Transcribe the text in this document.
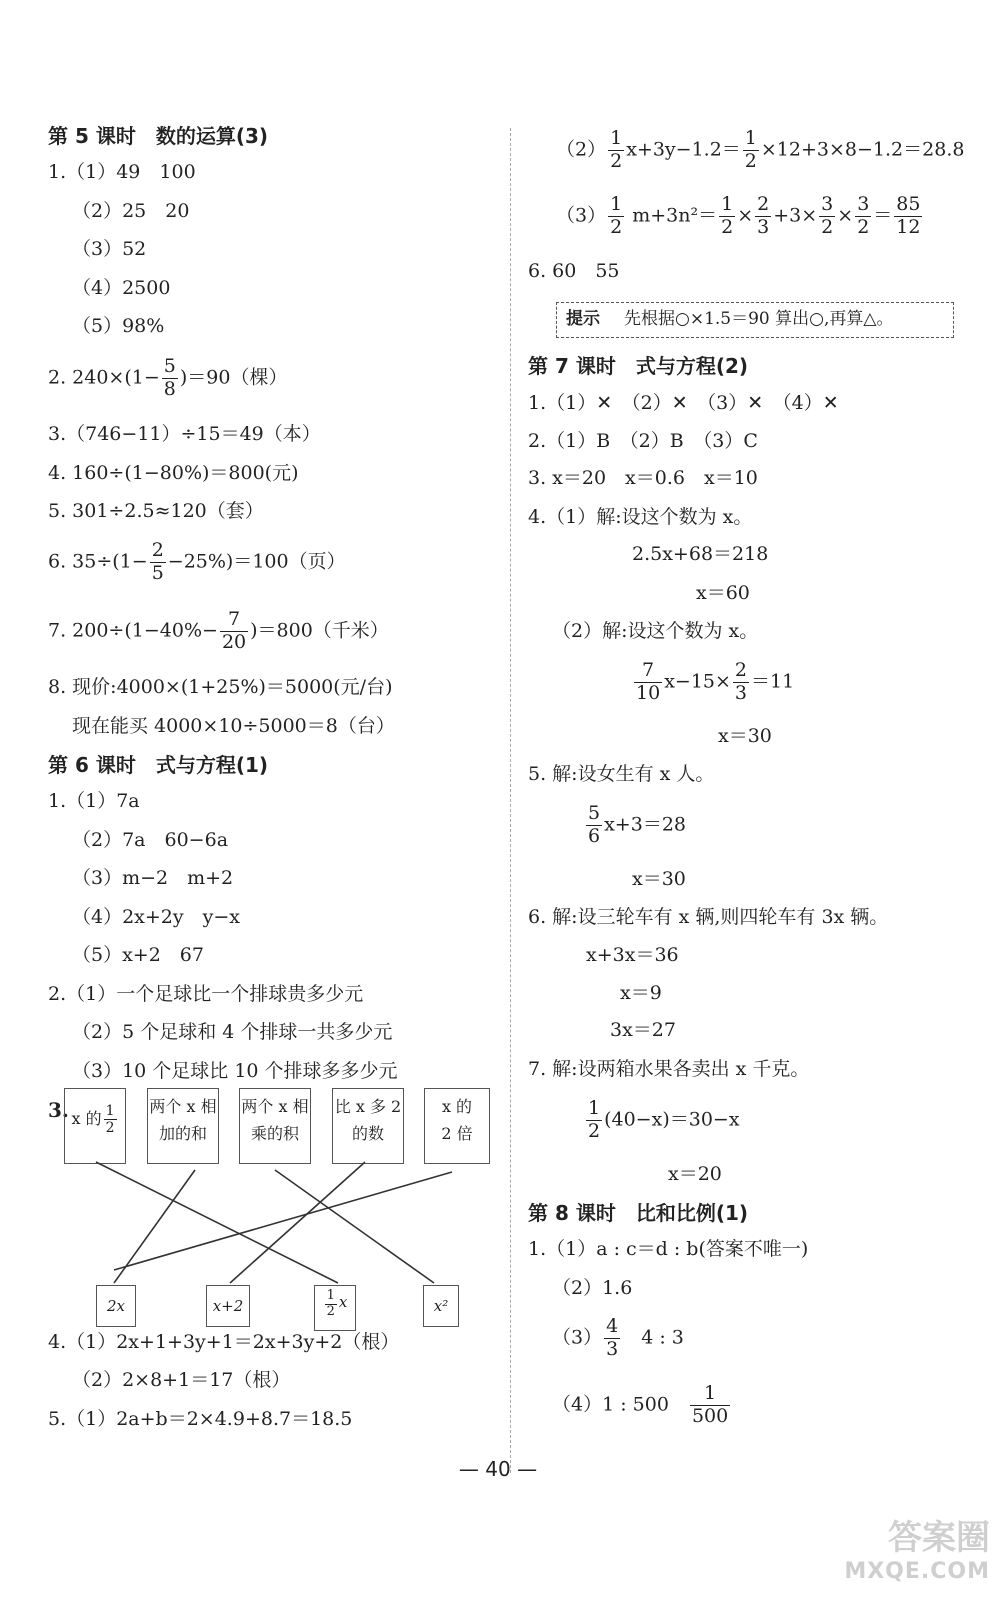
第 5 课时　数的运算(3)
1.（1）49　100
（2）25　20
（3）52
（4）2500
（5）98%
2. $240\times(1- \frac{5}{8} )=90$（棵）
3.（746−11）÷15＝49（本）
4. 160÷(1−80%)＝800(元)
5. 301÷2.5≈120（套）
6. $35\div(1- \frac{2}{5} -25\%)=100$（页）
7. $200\div(1-40\%- \frac{7}{20} )=800$（千米）
8. 现价:4000×(1+25%)＝5000(元/台)
现在能买 4000×10÷5000＝8（台）
第 6 课时　式与方程(1)
1.（1）7a
（2）7a　60−6a
（3）m−2　m+2
（4）2x+2y　y−x
（5）x+2　67
2.（1）一个足球比一个排球贵多少元
（2）5 个足球和 4 个排球一共多少元
（3）10 个足球比 10 个排球多多少元
3. x 的 $\frac{1}{2}$ 两个 x 相
加的和
两个 x 相
乘的积
比 x 多 2
的数
x 的
2 倍
2x	x+2	$\frac{1}{2}$ x	x²
4.（1）2x+1+3y+1＝2x+3y+2（根）
（2）2×8+1＝17（根）
5.（1）2a+b＝2×4.9+8.7＝18.5
$(2) \frac{1}{2} x+3y-1.2= \frac{1}{2} \times 12+3\times 8-1.2=28.8$
$(3) \frac{1}{2} m+3n^2= \frac{1}{2} \times \frac{2}{3} +3\times \frac{3}{2} \times \frac{3}{2} = \frac{85}{12}$
6. 60　55
提示 先根据○×1.5＝90 算出○,再算△。
第 7 课时　式与方程(2)
1.（1）✕　（2）✕　（3）✕　（4）✕
2.（1）B　（2）B　（3）C
3. x＝20　x＝0.6　x＝10
4.（1）解:设这个数为 x。
2.5x+68＝218
x＝60
（2）解:设这个数为 x。
$\frac{7}{10} x-15\times \frac{2}{3} =11$
x＝30
5. 解:设女生有 x 人。
$\frac{5}{6} x+3=28$
x＝30
6. 解:设三轮车有 x 辆,则四轮车有 3x 辆。
x+3x＝36
x＝9
3x＝27
7. 解:设两箱水果各卖出 x 千克。
$\frac{1}{2} (40-x)=30-x$
x＝20
第 8 课时　比和比例(1)
1.（1）a : c＝d : b(答案不唯一)
（2）1.6
$(3) \frac{4}{3}$
　 4 : 3
（4）1 : 500　 $\frac{1}{500}$
— 40 —
答案圈
MXQE.COM
